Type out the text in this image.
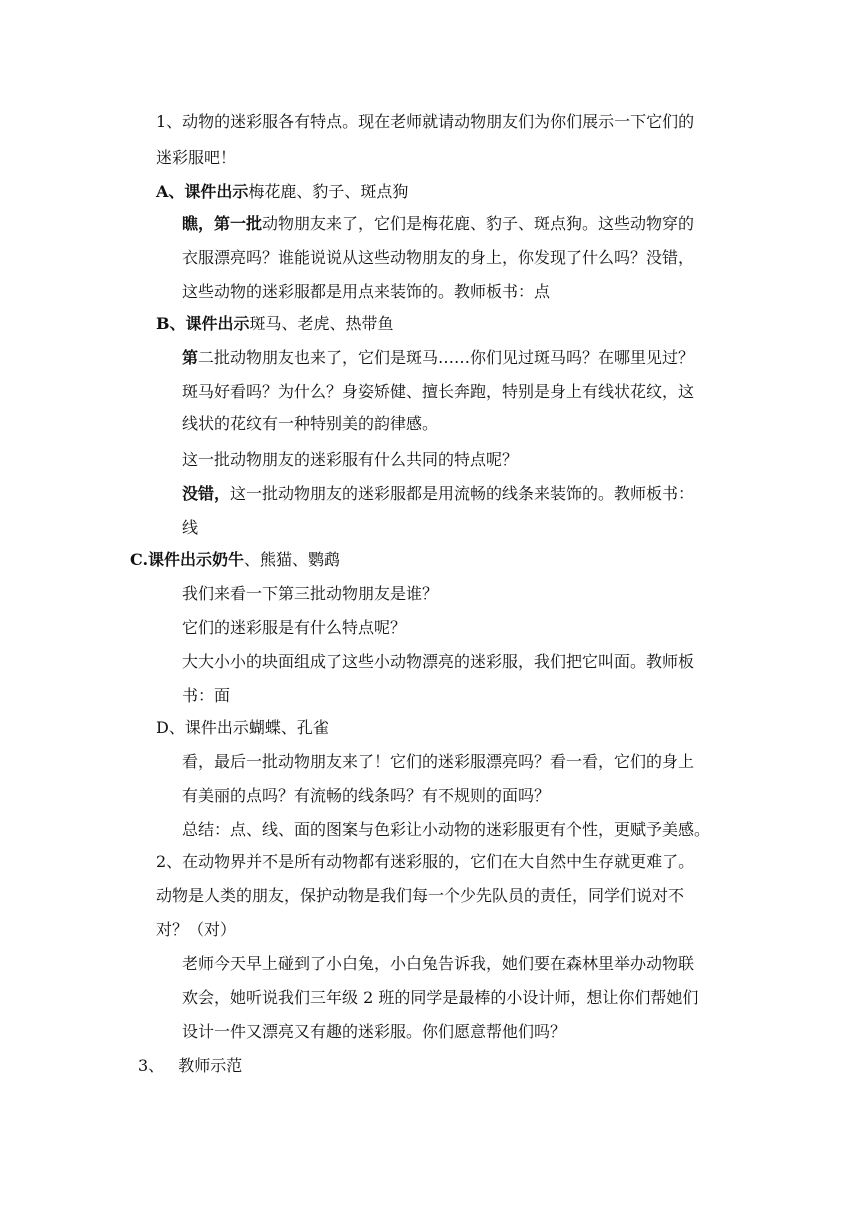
1、动物的迷彩服各有特点。现在老师就请动物朋友们为你们展示一下它们的
迷彩服吧！
A、课件出示梅花鹿、豹子、斑点狗
瞧，第一批动物朋友来了，它们是梅花鹿、豹子、斑点狗。这些动物穿的
衣服漂亮吗？谁能说说从这些动物朋友的身上，你发现了什么吗？没错，
这些动物的迷彩服都是用点来装饰的。教师板书：点
B、课件出示斑马、老虎、热带鱼
第二批动物朋友也来了，它们是斑马……你们见过斑马吗？在哪里见过？
斑马好看吗？为什么？身姿矫健、擅长奔跑，特别是身上有线状花纹，这
线状的花纹有一种特别美的韵律感。
这一批动物朋友的迷彩服有什么共同的特点呢？
没错，这一批动物朋友的迷彩服都是用流畅的线条来装饰的。教师板书：
线
C.课件出示奶牛、熊猫、鹦鹉
我们来看一下第三批动物朋友是谁？
它们的迷彩服是有什么特点呢？
大大小小的块面组成了这些小动物漂亮的迷彩服，我们把它叫面。教师板
书：面
D、课件出示蝴蝶、孔雀
看，最后一批动物朋友来了！它们的迷彩服漂亮吗？看一看，它们的身上
有美丽的点吗？有流畅的线条吗？有不规则的面吗？
总结：点、线、面的图案与色彩让小动物的迷彩服更有个性，更赋予美感。
2、在动物界并不是所有动物都有迷彩服的，它们在大自然中生存就更难了。
动物是人类的朋友，保护动物是我们每一个少先队员的责任，同学们说对不
对？（对）
老师今天早上碰到了小白兔，小白兔告诉我，她们要在森林里举办动物联
欢会，她听说我们三年级 2 班的同学是最棒的小设计师，想让你们帮她们
设计一件又漂亮又有趣的迷彩服。你们愿意帮他们吗？
3、 教师示范
